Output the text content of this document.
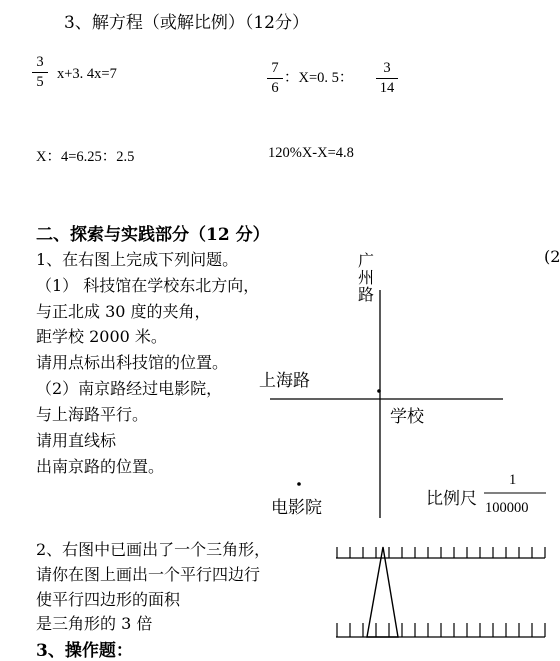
3、解方程（或解比例）（12分）
3
5 x+3. 4x=7	7
6
：X=0. 5：
3
14
X：4=6.25：2.5	120%X-X=4.8
二、探索与实践部分（12 分）
(2
1、在右图上完成下列问题。
（1） 科技馆在学校东北方向，
与正北成 30 度的夹角，
距学校 2000 米。
请用点标出科技馆的位置。
（2）南京路经过电影院，
与上海路平行。
请用直线标
出南京路的位置。
广
州
路
上海路
学校
电影院	比例尺
1
100000
2、右图中已画出了一个三角形，
请你在图上画出一个平行四边行
使平行四边形的面积
是三角形的 3 倍
3、操作题：
